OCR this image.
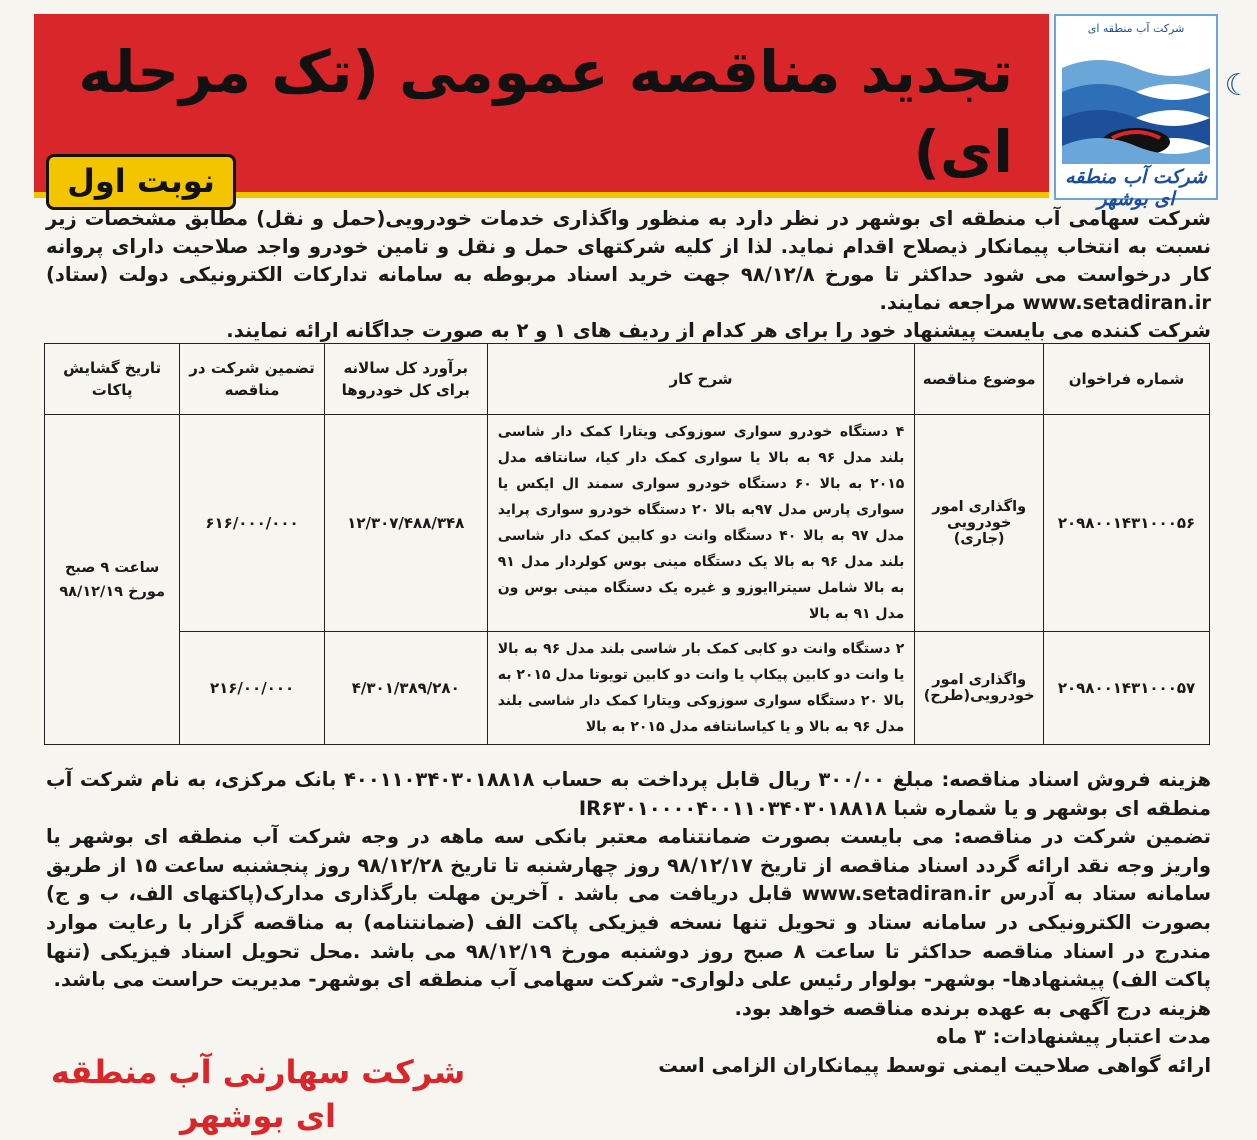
تجدید مناقصه عمومی (تک مرحله ای)
نوبت اول
شرکت آب منطقه ای
شرکت آب منطقه ای بوشهر
☾

شرکت سهامی آب منطقه ای بوشهر در نظر دارد به منظور واگذاری خدمات خودرویی(حمل و نقل) مطابق مشخصات زیر نسبت به انتخاب پیمانکار ذیصلاح اقدام نماید. لذا از کلیه شرکتهای حمل و نقل و تامین خودرو واجد صلاحیت دارای پروانه کار درخواست می شود حداکثر تا مورخ ۹۸/۱۲/۸ جهت خرید اسناد مربوطه به سامانه تدارکات الکترونیکی دولت (ستاد) www.setadiran.ir مراجعه نمایند.

شرکت کننده می بایست پیشنهاد خود را برای هر کدام از ردیف های ۱ و ۲ به صورت جداگانه ارائه نمایند.

شماره فراخوان	موضوع مناقصه	شرح کار	برآورد کل سالانه برای کل خودروها	تضمین شرکت در مناقصه	تاریخ گشایش پاکات
۲۰۹۸۰۰۱۴۳۱۰۰۰۵۶	واگذاری امور خودرویی (جاری)	۴ دستگاه خودرو سواری سوزوکی ویتارا کمک دار شاسی بلند مدل ۹۶ به بالا یا سواری کمک دار کیا، سانتافه مدل ۲۰۱۵ به بالا ۶۰ دستگاه خودرو سواری سمند ال ایکس یا سواری پارس مدل ۹۷به بالا ۲۰ دستگاه خودرو سواری پراید مدل ۹۷ به بالا ۴۰ دستگاه وانت دو کابین کمک دار شاسی بلند مدل ۹۶ به بالا یک دستگاه مینی بوس کولردار مدل ۹۱ به بالا شامل سیتراایوزو و غیره یک دستگاه مینی بوس ون مدل ۹۱ به بالا	۱۲/۳۰۷/۴۸۸/۳۴۸	۶۱۶/۰۰۰/۰۰۰	ساعت ۹ صبح مورخ ۹۸/۱۲/۱۹
۲۰۹۸۰۰۱۴۳۱۰۰۰۵۷	واگذاری امور خودرویی(طرح)	۲ دستگاه وانت دو کابی کمک بار شاسی بلند مدل ۹۶ به بالا یا وانت دو کابین پیکاپ یا وانت دو کابین تویوتا مدل ۲۰۱۵ به بالا ۲۰ دستگاه سواری سوزوکی ویتارا کمک دار شاسی بلند مدل ۹۶ به بالا و یا کیاسانتافه مدل ۲۰۱۵ به بالا	۴/۳۰۱/۳۸۹/۲۸۰	۲۱۶/۰۰/۰۰۰	

هزینه فروش اسناد مناقصه: مبلغ ۳۰۰/۰۰ ریال قابل پرداخت به حساب ۴۰۰۱۱۰۳۴۰۳۰۱۸۸۱۸ بانک مرکزی، به نام شرکت آب منطقه ای بوشهر و یا شماره شبا IR۶۳۰۱۰۰۰۰۴۰۰۱۱۰۳۴۰۳۰۱۸۸۱۸

تضمین شرکت در مناقصه: می بایست بصورت ضمانتنامه معتبر بانکی سه ماهه در وجه شرکت آب منطقه ای بوشهر یا واریز وجه نقد ارائه گردد اسناد مناقصه از تاریخ ۹۸/۱۲/۱۷ روز چهارشنبه تا تاریخ ۹۸/۱۲/۲۸ روز پنجشنبه ساعت ۱۵ از طریق سامانه ستاد به آدرس www.setadiran.ir قابل دریافت می باشد . آخرین مهلت بارگذاری مدارک(پاکتهای الف، ب و ج) بصورت الکترونیکی در سامانه ستاد و تحویل تنها نسخه فیزیکی پاکت الف (ضمانتنامه) به مناقصه گزار با رعایت موارد مندرج در اسناد مناقصه حداکثر تا ساعت ۸ صبح روز دوشنبه مورخ ۹۸/۱۲/۱۹ می باشد .محل تحویل اسناد فیزیکی (تنها پاکت الف) پیشنهادها- بوشهر- بولوار رئیس علی دلواری- شرکت سهامی آب منطقه ای بوشهر- مدیریت حراست می باشد.

هزینه درج آگهی به عهده برنده مناقصه خواهد بود.

مدت اعتبار پیشنهادات: ۳ ماه

ارائه گواهی صلاحیت ایمنی توسط پیمانکاران الزامی است

شرکت سهارنی آب منطقه ای بوشهر
